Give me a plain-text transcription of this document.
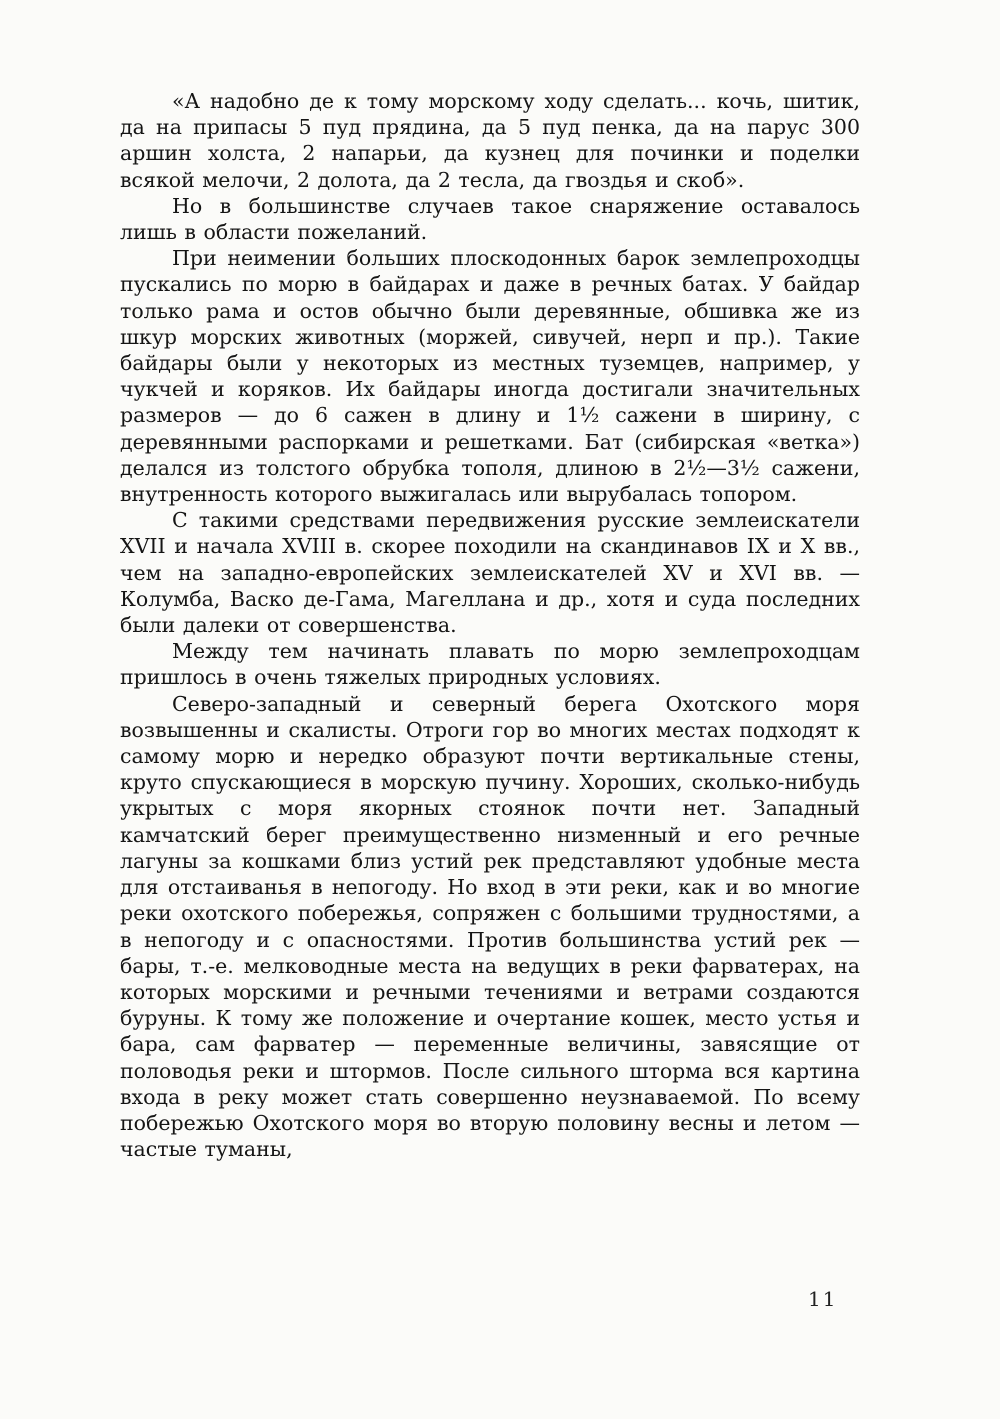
«А надобно де к тому морскому ходу сделать... кочь, шитик, да на припасы 5 пуд прядина, да 5 пуд пенка, да на парус 300 аршин холста, 2 напарьи, да кузнец для починки и поделки всякой мелочи, 2 долота, да 2 тесла, да гвоздья и скоб».

Но в большинстве случаев такое снаряжение оставалось лишь в области пожеланий.

При неимении больших плоскодонных барок землепроходцы пускались по морю в байдарах и даже в речных батах. У байдар только рама и остов обычно были деревянные, обшивка же из шкур морских животных (моржей, сивучей, нерп и пр.). Такие байдары были у некоторых из местных туземцев, например, у чукчей и коряков. Их байдары иногда достигали значительных размеров — до 6 сажен в длину и 1½ сажени в ширину, с деревянными распорками и решетками. Бат (сибирская «ветка») делался из толстого обрубка тополя, длиною в 2½—3½ сажени, внутренность которого выжигалась или вырубалась топором.

С такими средствами передвижения русские землеискатели XVII и начала XVIII в. скорее походили на скандинавов IX и X вв., чем на западно-европейских землеискателей XV и XVI вв. — Колумба, Васко де-Гама, Магеллана и др., хотя и суда последних были далеки от совершенства.

Между тем начинать плавать по морю землепроходцам пришлось в очень тяжелых природных условиях.

Северо-западный и северный берега Охотского моря возвышенны и скалисты. Отроги гор во многих местах подходят к самому морю и нередко образуют почти вертикальные стены, круто спускающиеся в морскую пучину. Хороших, сколько-нибудь укрытых с моря якорных стоянок почти нет. Западный камчатский берег преимущественно низменный и его речные лагуны за кошками близ устий рек представляют удобные места для отстаиванья в непогоду. Но вход в эти реки, как и во многие реки охотского побережья, сопряжен с большими трудностями, а в непогоду и с опасностями. Против большинства устий рек — бары, т.-е. мелководные места на ведущих в реки фарватерах, на которых морскими и речными течениями и ветрами создаются буруны. К тому же положение и очертание кошек, место устья и бара, сам фарватер — переменные величины, завясящие от половодья реки и штормов. После сильного шторма вся картина входа в реку может стать совершенно неузнаваемой. По всему побережью Охотского моря во вторую половину весны и летом — частые туманы,

11
